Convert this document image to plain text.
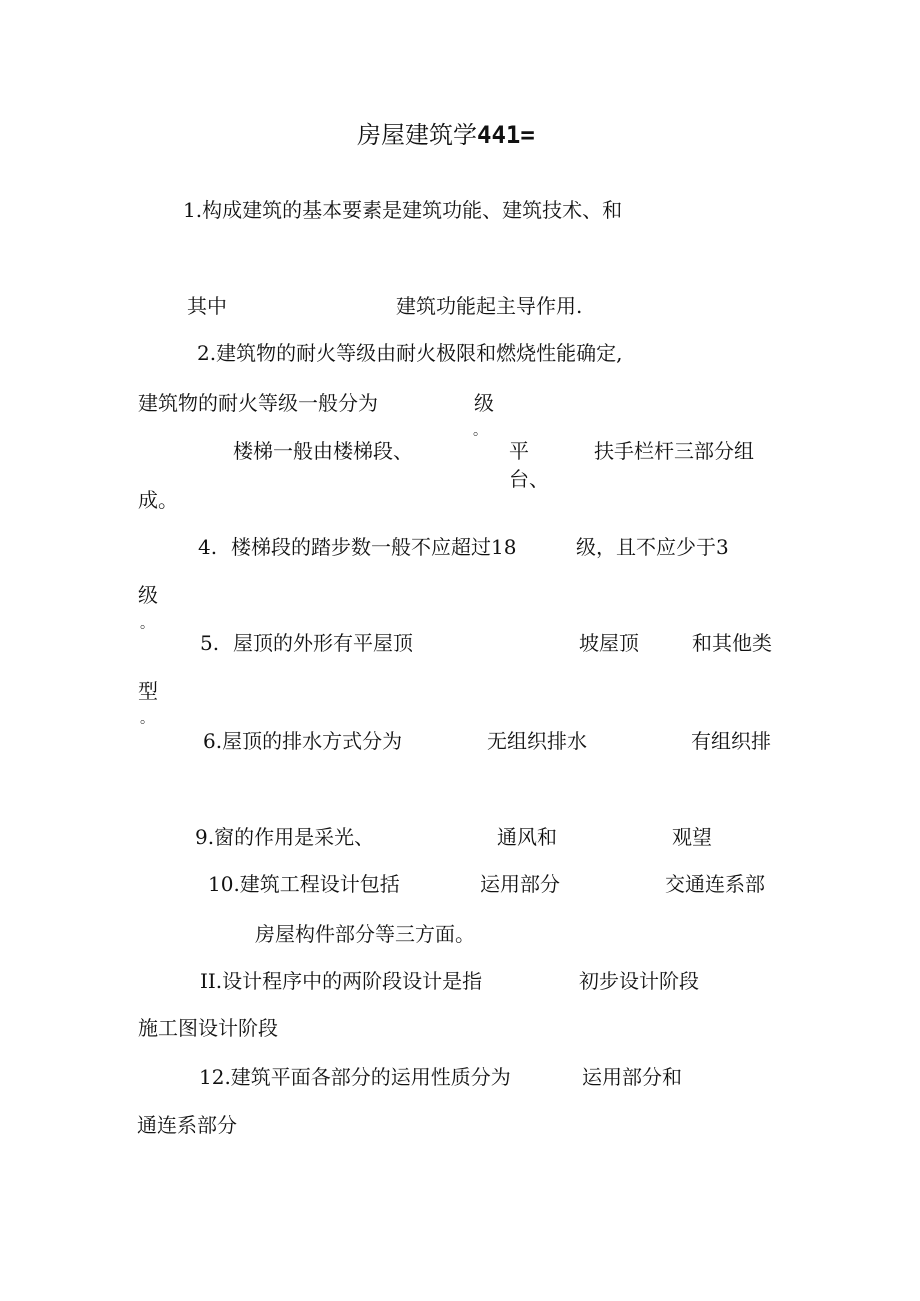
房屋建筑学441=
1.构成建筑的基本要素是建筑功能、建筑技术、和
其中	建筑功能起主导作用.
2.建筑物的耐火等级由耐火极限和燃烧性能确定,
建筑物的耐火等级一般分为	级
。
楼梯一般由楼梯段、	平
台、
扶手栏杆三部分组
成。
4. 楼梯段的踏步数一般不应超过18	级，且不应少于3
级
。
5. 屋顶的外形有平屋顶	坡屋顶	和其他类
型
。
6.屋顶的排水方式分为	无组织排水	有组织排
9.窗的作用是采光、	通风和	观望
10.建筑工程设计包括	运用部分	交通连系部
房屋构件部分等三方面。
II.设计程序中的两阶段设计是指	初步设计阶段
施工图设计阶段
12.建筑平面各部分的运用性质分为	运用部分和
通连系部分
